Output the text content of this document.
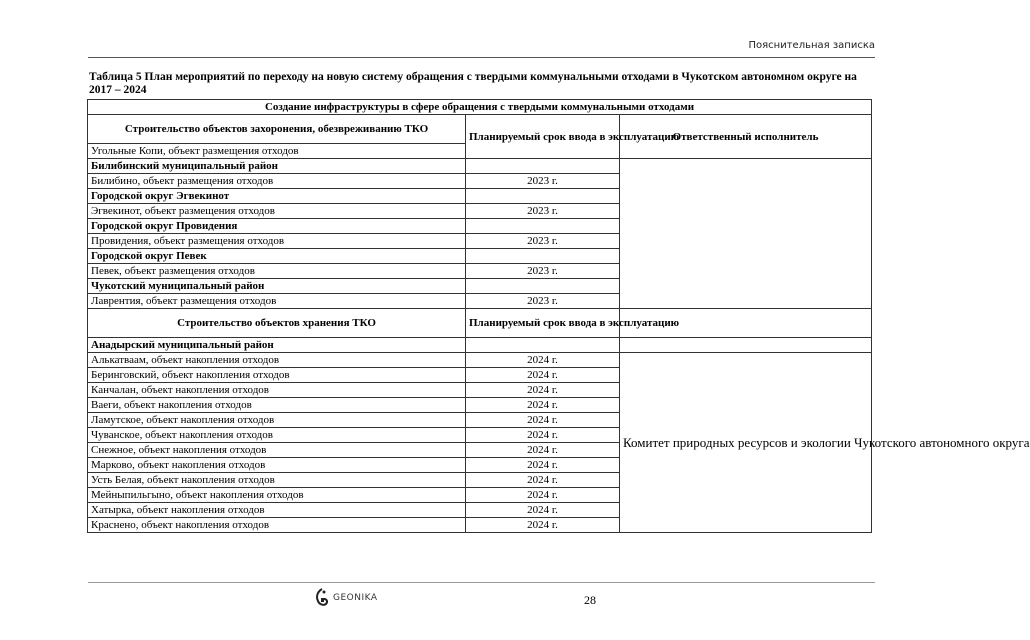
Пояснительная записка
Таблица 5 План мероприятий по переходу на новую систему обращения с твердыми коммунальными отходами в Чукотском автономном округе на 2017 – 2024
Создание инфраструктуры в сфере обращения с твердыми коммунальными отходами			
Строительство объектов захоронения, обезвреживанию ТКО	Планируемый срок ввода в эксплуатацию	Ответственный исполнитель	

Угольные Копи, объект размещения отходов		
Билибинский муниципальный район			
Билибино, объект размещения отходов	2023 г.		
Городской округ Эгвекинот			
Эгвекинот, объект размещения отходов	2023 г.		
Городской округ Провидения			
Провидения, объект размещения отходов	2023 г.		
Городской округ Певек			
Певек, объект размещения отходов	2023 г.		
Чукотский муниципальный район			
Лаврентия, объект размещения отходов	2023 г.		
Строительство объектов хранения ТКО	Планируемый срок ввода в эксплуатацию		
Анадырский муниципальный район			
Алькатваам, объект накопления отходов	2024 г.	Комитет природных ресурсов и экологии Чукотского автономного округа	
Беринговский, объект накопления отходов	2024 г.		
Канчалан, объект накопления отходов	2024 г.		
Ваеги, объект накопления отходов	2024 г.		
Ламутское, объект накопления отходов	2024 г.		
Чуванское, объект накопления отходов	2024 г.		
Снежное, объект накопления отходов	2024 г.		
Марково, объект накопления отходов	2024 г.		
Усть Белая, объект накопления отходов	2024 г.		
Мейныпильгыно, объект накопления отходов	2024 г.		
Хатырка, объект накопления отходов	2024 г.		
Краснено, объект накопления отходов	2024 г.		
GEONIKA	28
